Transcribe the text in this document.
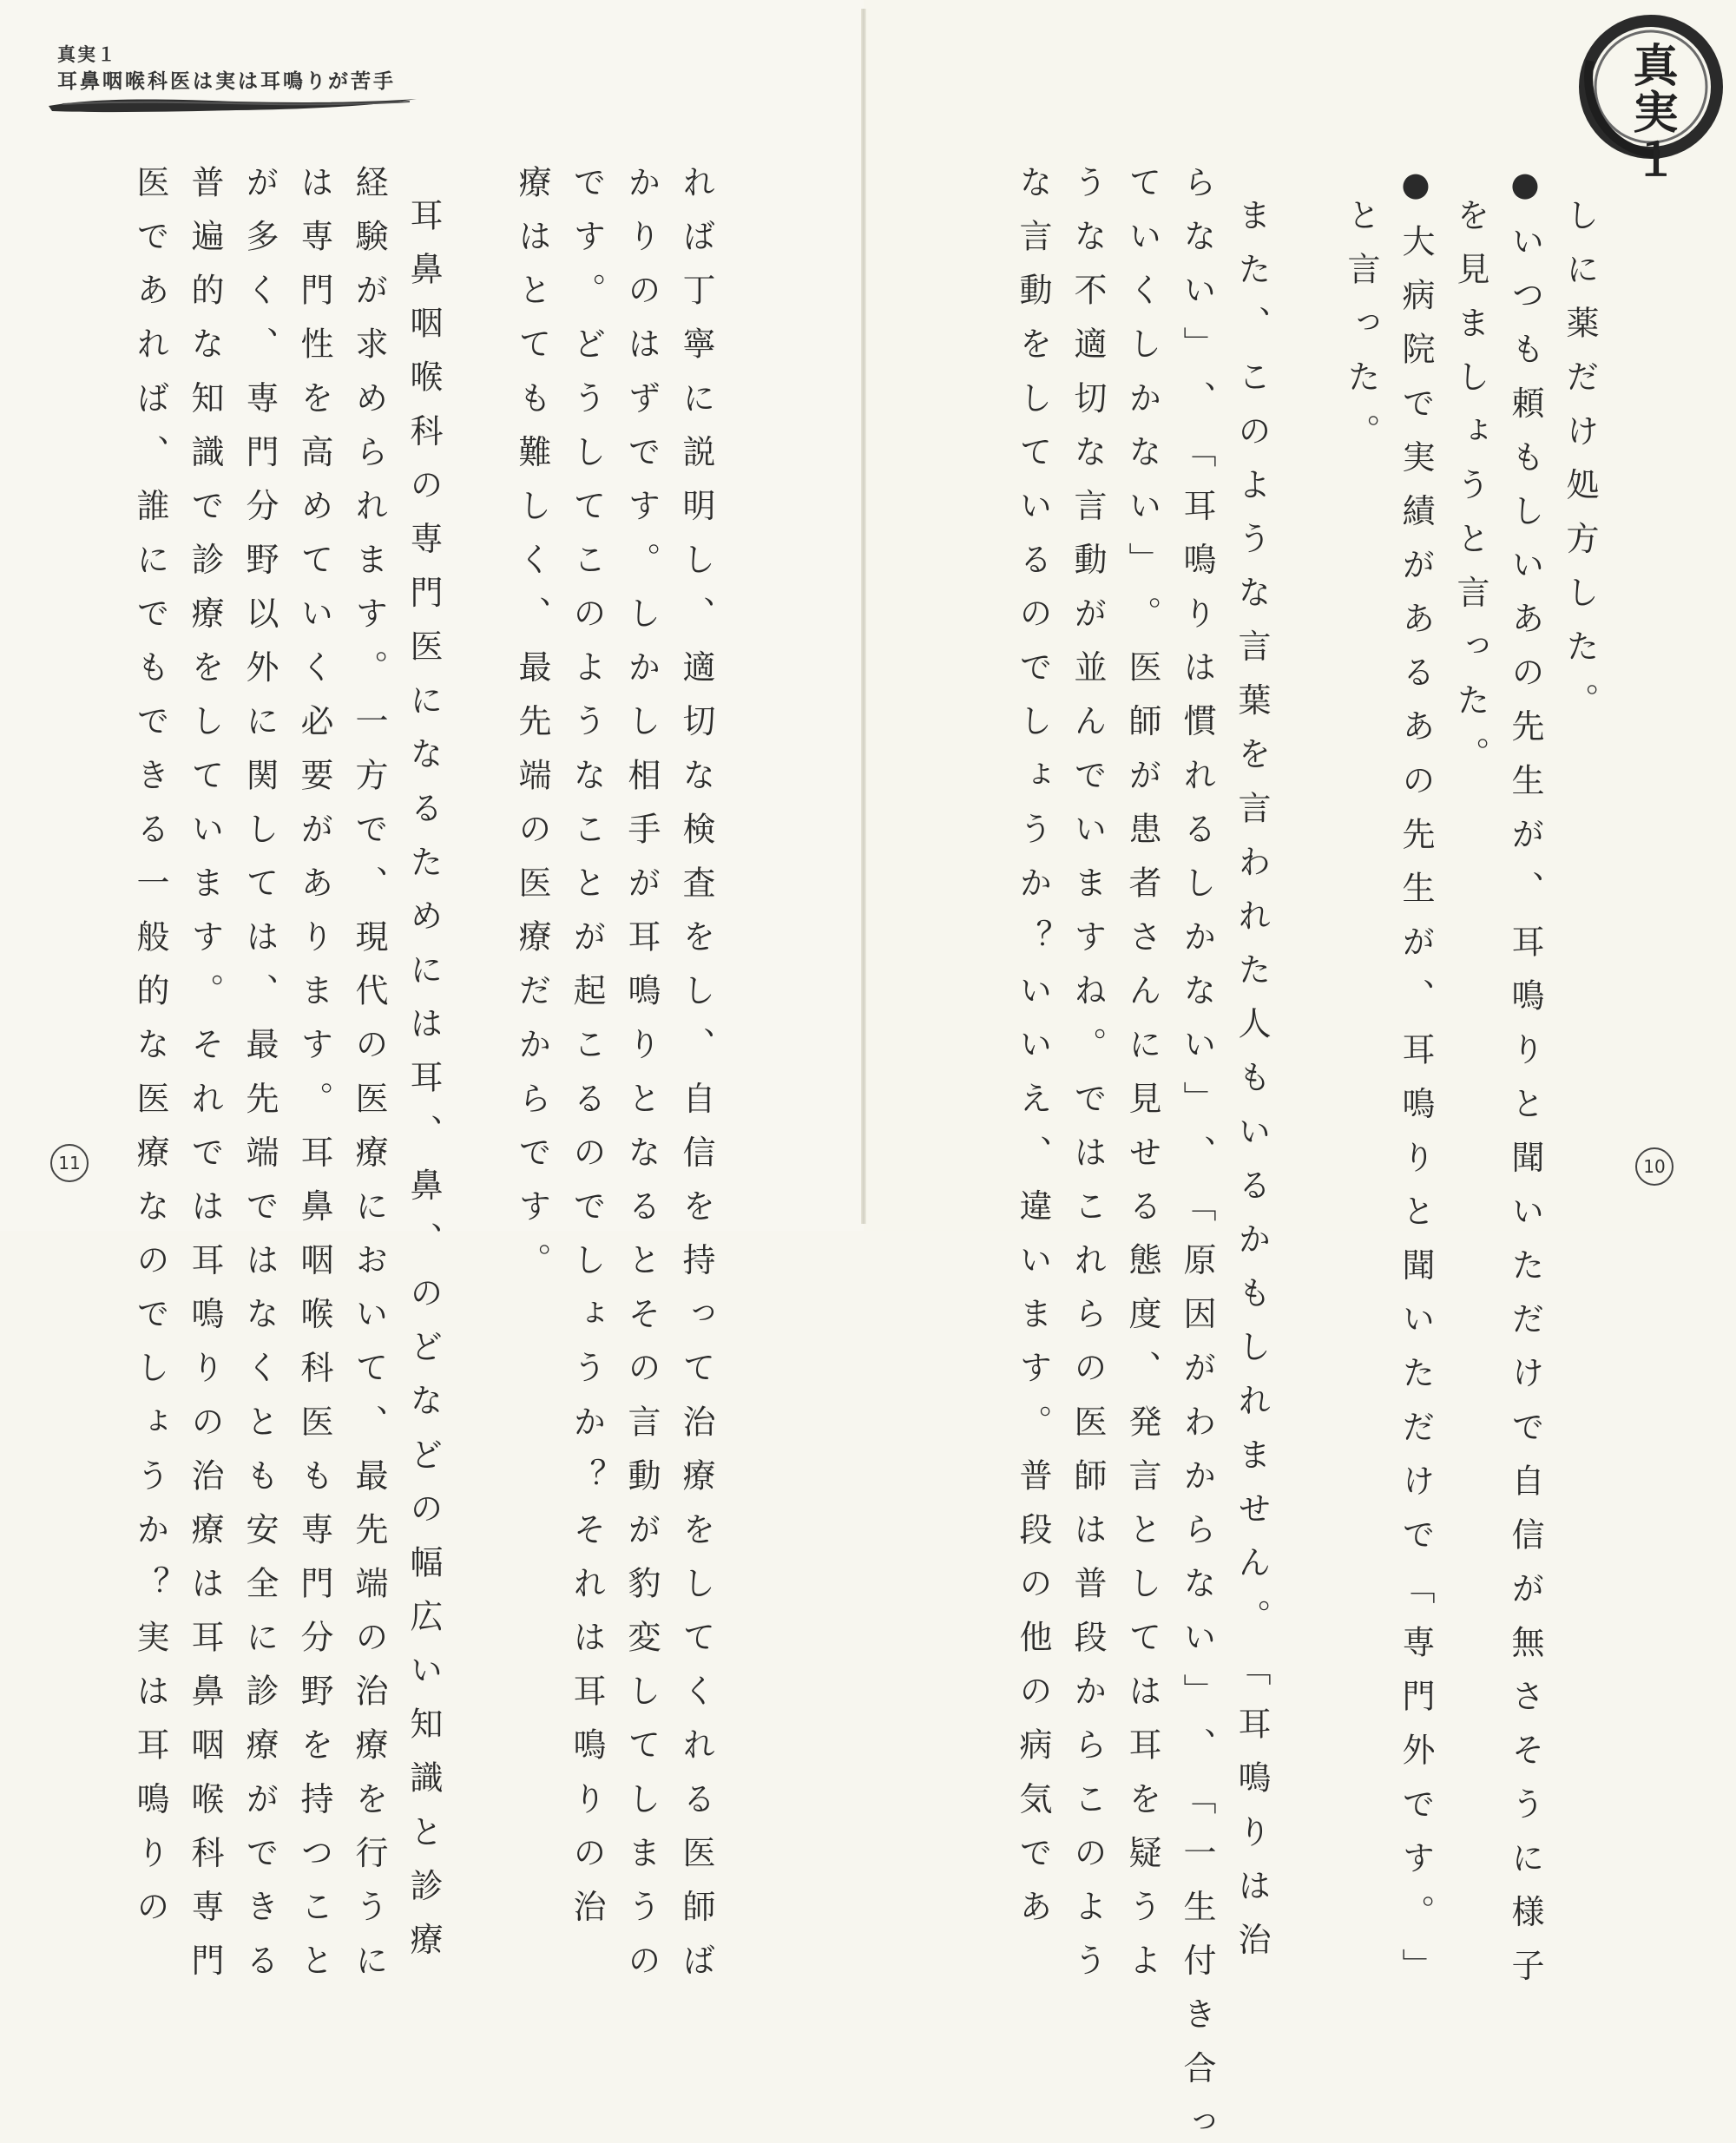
真実１
耳鼻咽喉科医は実は耳鳴りが苦手
れ ば 丁 寧 に 説 明 し 、 適 切 な 検 査 を し 、 自 信 を 持 っ て 治 療 を し て く れ る 医 師 ば
か り の は ず で す 。 し か し 相 手 が 耳 鳴 り と な る と そ の 言 動 が 豹 変 し て し ま う の
で す 。 ど う し て こ の よ う な こ と が 起 こ る の で し ょ う か ？ そ れ は 耳 鳴 り の 治
療 は と て も 難 し く 、 最 先 端 の 医 療 だ か ら で す 。
耳 鼻 咽 喉 科 の 専 門 医 に な る た め に は 耳 、 鼻 、 の ど な ど の 幅 広 い 知 識 と 診 療
経 験 が 求 め ら れ ま す 。 一 方 で 、 現 代 の 医 療 に お い て 、 最 先 端 の 治 療 を 行 う に
は 専 門 性 を 高 め て い く 必 要 が あ り ま す 。 耳 鼻 咽 喉 科 医 も 専 門 分 野 を 持 つ こ と
が 多 く 、 専 門 分 野 以 外 に 関 し て は 、 最 先 端 で は な く と も 安 全 に 診 療 が で き る
普 遍 的 な 知 識 で 診 療 を し て い ま す 。 そ れ で は 耳 鳴 り の 治 療 は 耳 鼻 咽 喉 科 専 門
医 で あ れ ば 、 誰 に で も で き る 一 般 的 な 医 療 な の で し ょ う か ？ 実 は 耳 鳴 り の
11
真実１
し に 薬 だ け 処 方 し た 。
● い つ も 頼 も し い あ の 先 生 が 、 耳 鳴 り と 聞 い た だ け で 自 信 が 無 さ そ う に 様 子
を 見 ま し ょ う と 言 っ た 。
● 大 病 院 で 実 績 が あ る あ の 先 生 が 、 耳 鳴 り と 聞 い た だ け で 「 専 門 外 で す 。 」
と 言 っ た 。
ま た 、 こ の よ う な 言 葉 を 言 わ れ た 人 も い る か も し れ ま せ ん 。 「 耳 鳴 り は 治
ら な い 」 、 「 耳 鳴 り は 慣 れ る し か な い 」 、 「 原 因 が わ か ら な い 」 、 「 一 生 付 き 合 っ
て い く し か な い 」 。 医 師 が 患 者 さ ん に 見 せ る 態 度 、 発 言 と し て は 耳 を 疑 う よ
う な 不 適 切 な 言 動 が 並 ん で い ま す ね 。 で は こ れ ら の 医 師 は 普 段 か ら こ の よ う
な 言 動 を し て い る の で し ょ う か ？ い い え 、 違 い ま す 。 普 段 の 他 の 病 気 で あ	10
